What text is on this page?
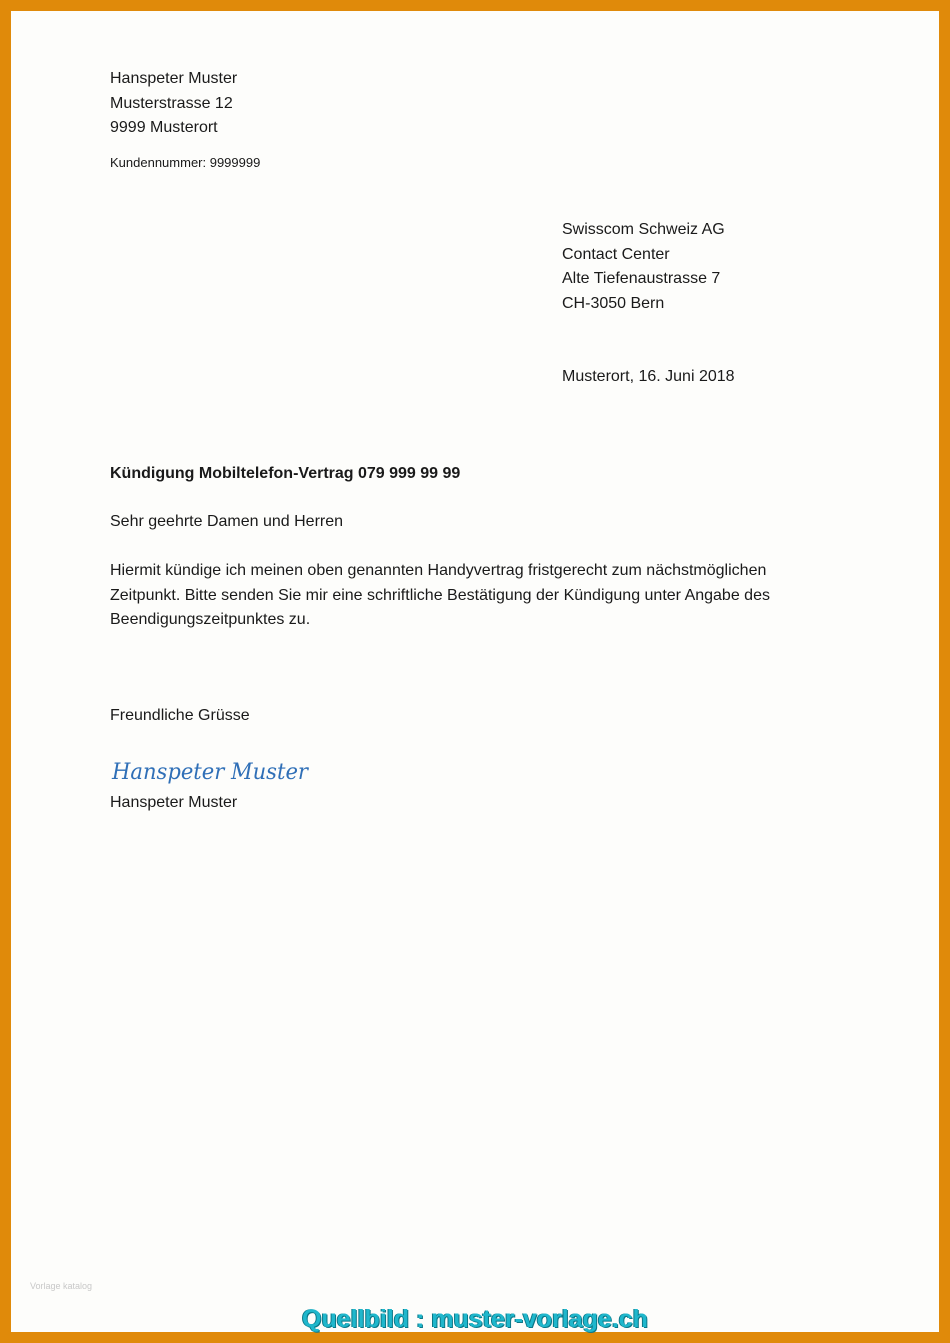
Hanspeter Muster
Musterstrasse 12
9999 Musterort
Kundennummer: 9999999
Swisscom Schweiz AG
Contact Center
Alte Tiefenaustrasse 7
CH-3050 Bern
Musterort, 16. Juni 2018
Kündigung Mobiltelefon-Vertrag 079 999 99 99
Sehr geehrte Damen und Herren
Hiermit kündige ich meinen oben genannten Handyvertrag fristgerecht zum nächstmöglichen
Zeitpunkt. Bitte senden Sie mir eine schriftliche Bestätigung der Kündigung unter Angabe des
Beendigungszeitpunktes zu.
Freundliche Grüsse
Hanspeter Muster
Hanspeter Muster
Vorlage katalog
Quellbild : muster-vorlage.ch
